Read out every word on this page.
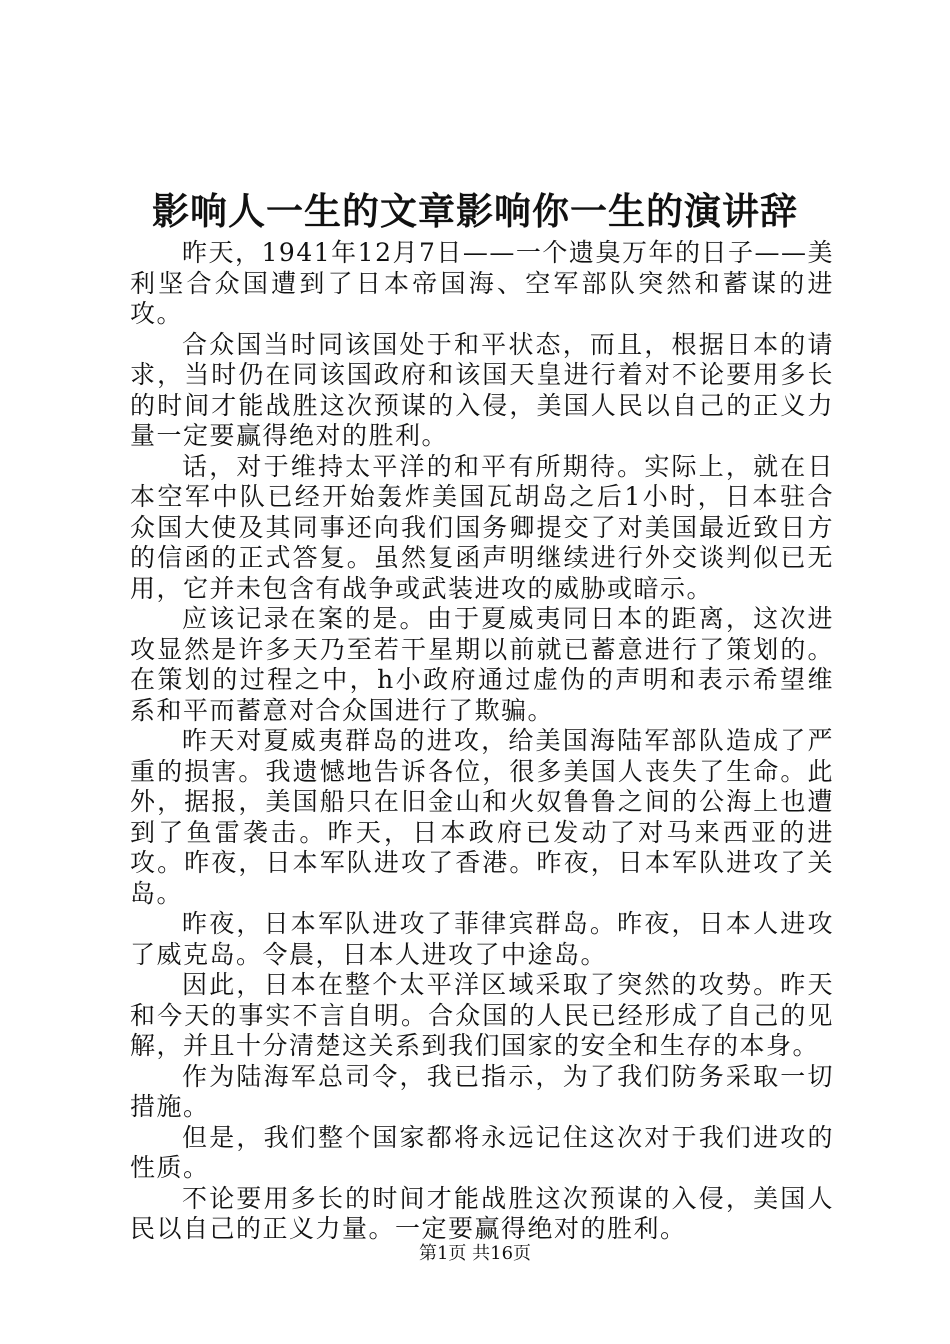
影响人一生的文章影响你一生的演讲辞

昨天，1941年12月7日——一个遗臭万年的日子——美利坚合众国遭到了日本帝国海、空军部队突然和蓄谋的进攻。

合众国当时同该国处于和平状态，而且，根据日本的请求，当时仍在同该国政府和该国天皇进行着对不论要用多长的时间才能战胜这次预谋的入侵，美国人民以自己的正义力量一定要赢得绝对的胜利。

话，对于维持太平洋的和平有所期待。实际上，就在日本空军中队已经开始轰炸美国瓦胡岛之后1小时，日本驻合众国大使及其同事还向我们国务卿提交了对美国最近致日方的信函的正式答复。虽然复函声明继续进行外交谈判似已无用，它并未包含有战争或武装进攻的威胁或暗示。

应该记录在案的是。由于夏威夷同日本的距离，这次进攻显然是许多天乃至若干星期以前就已蓄意进行了策划的。在策划的过程之中，h小政府通过虚伪的声明和表示希望维系和平而蓄意对合众国进行了欺骗。

昨天对夏威夷群岛的进攻，给美国海陆军部队造成了严重的损害。我遗憾地告诉各位，很多美国人丧失了生命。此外，据报，美国船只在旧金山和火奴鲁鲁之间的公海上也遭到了鱼雷袭击。昨天，日本政府已发动了对马来西亚的进攻。昨夜，日本军队进攻了香港。昨夜，日本军队进攻了关岛。

昨夜，日本军队进攻了菲律宾群岛。昨夜，日本人进攻了威克岛。令晨，日本人进攻了中途岛。

因此，日本在整个太平洋区域采取了突然的攻势。昨天和今天的事实不言自明。合众国的人民已经形成了自己的见解，并且十分清楚这关系到我们国家的安全和生存的本身。

作为陆海军总司令，我已指示，为了我们防务采取一切措施。

但是，我们整个国家都将永远记住这次对于我们进攻的性质。

不论要用多长的时间才能战胜这次预谋的入侵，美国人民以自己的正义力量。一定要赢得绝对的胜利。

第1页 共16页
